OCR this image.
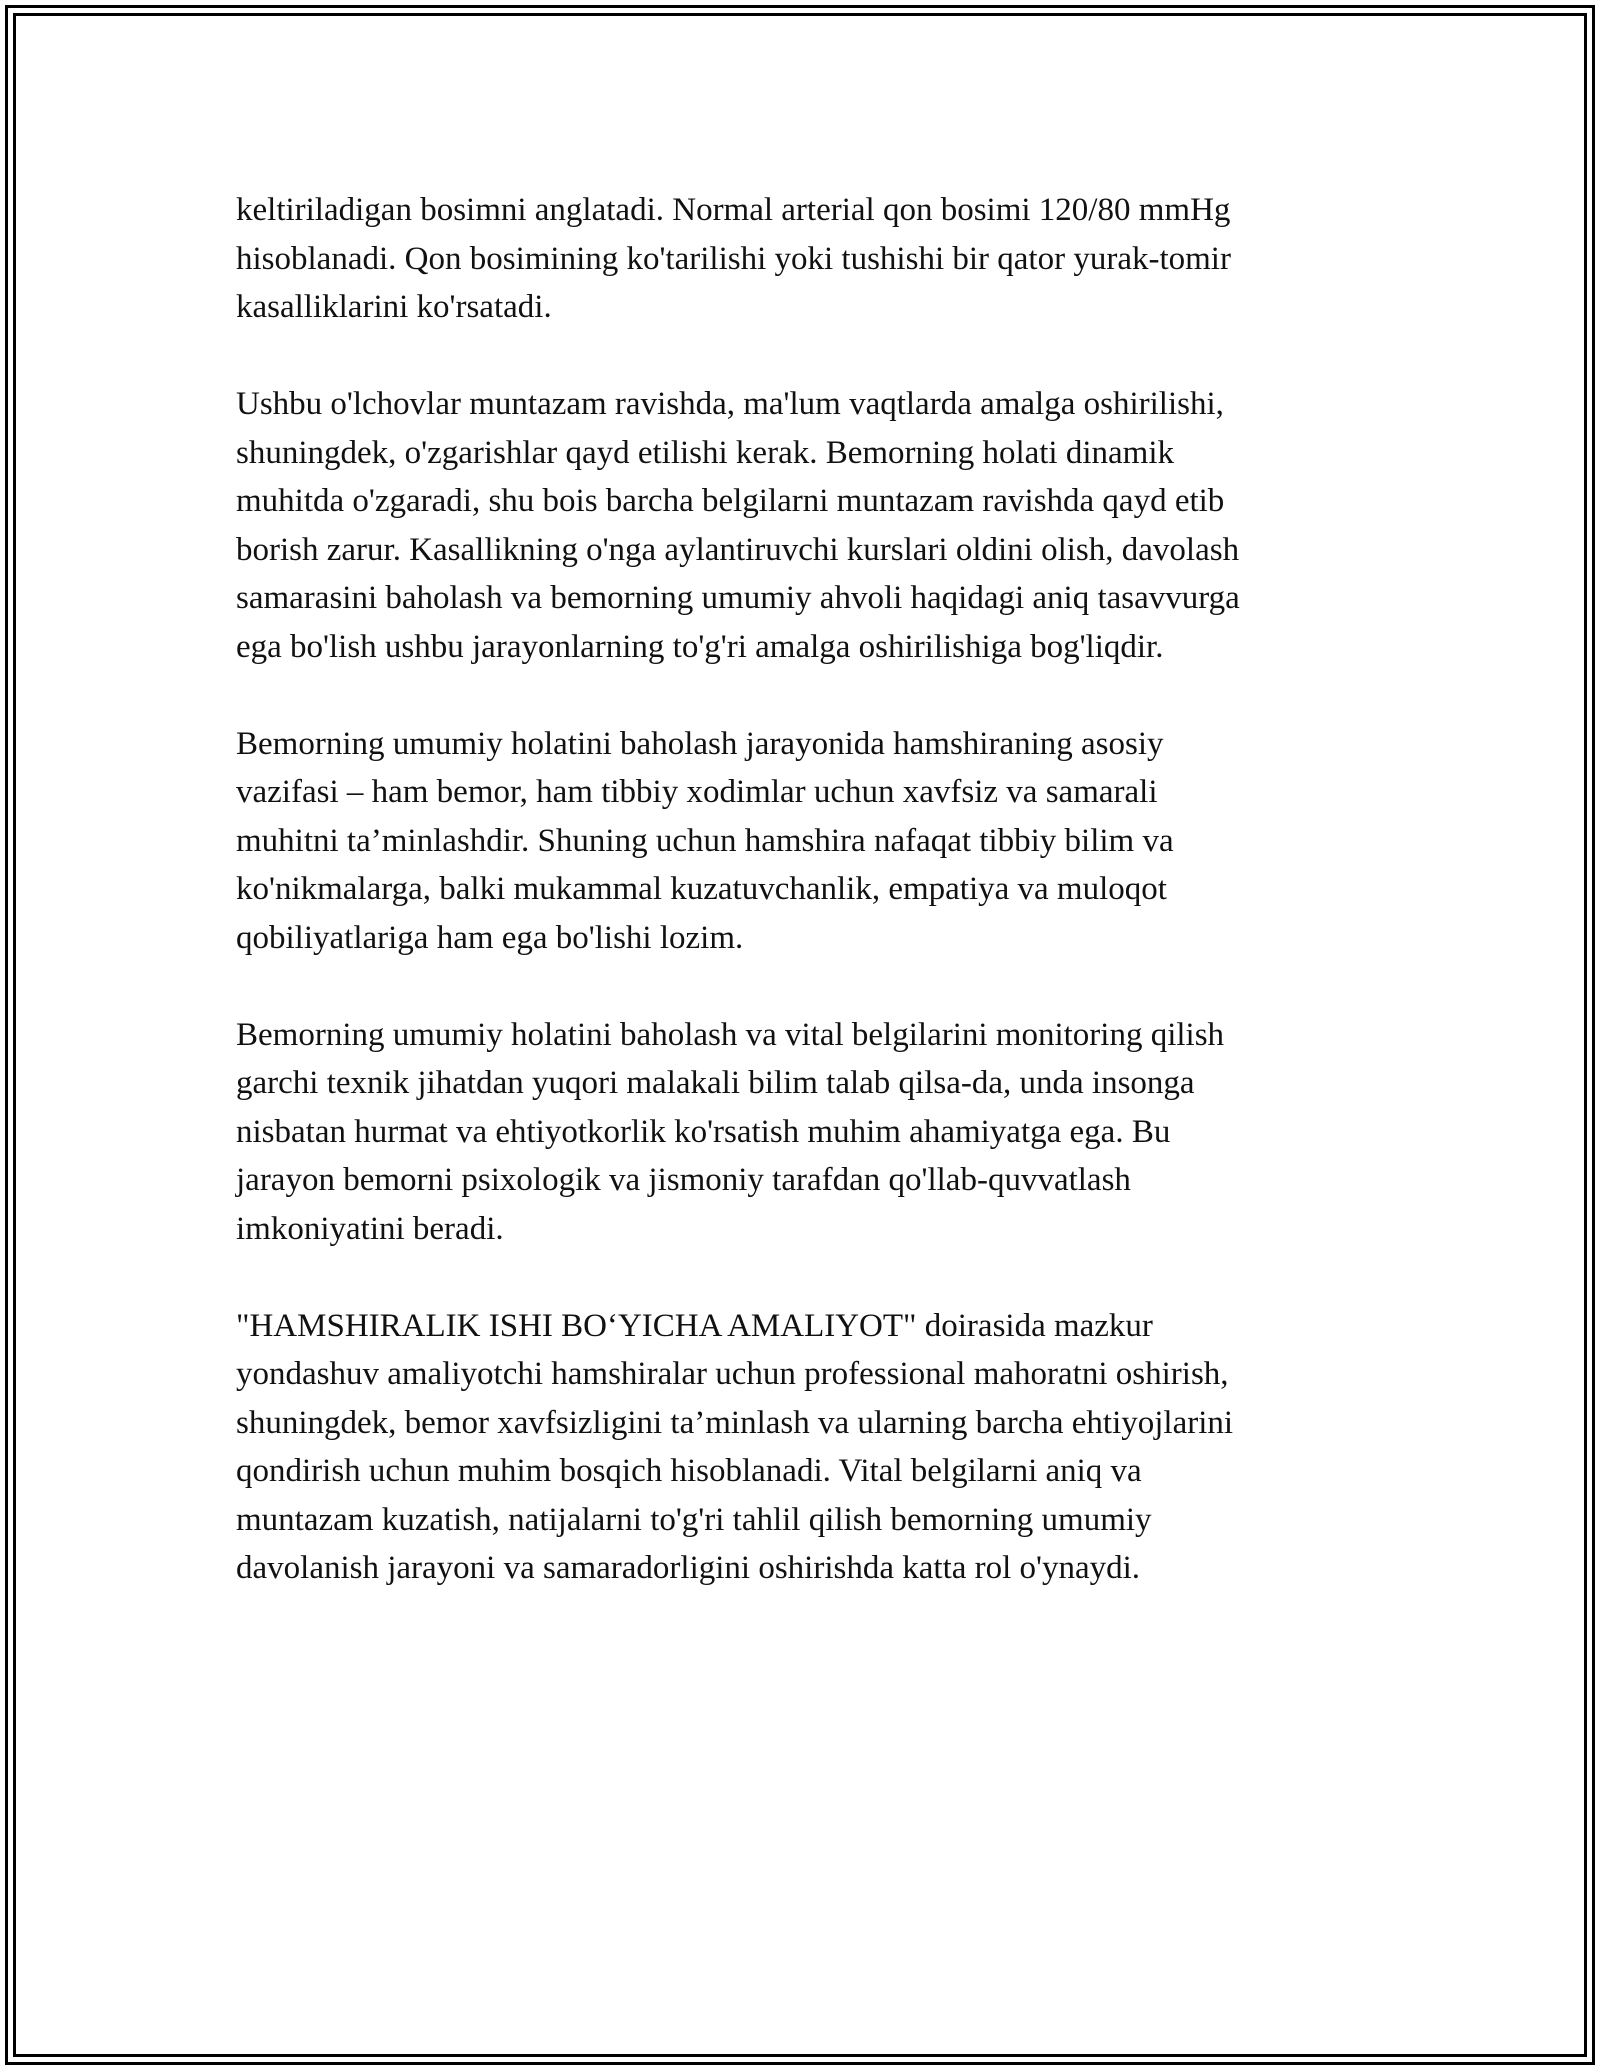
keltiriladigan bosimni anglatadi. Normal arterial qon bosimi 120/80 mmHg
hisoblanadi. Qon bosimining ko'tarilishi yoki tushishi bir qator yurak-tomir
kasalliklarini ko'rsatadi.

Ushbu o'lchovlar muntazam ravishda, ma'lum vaqtlarda amalga oshirilishi,
shuningdek, o'zgarishlar qayd etilishi kerak. Bemorning holati dinamik
muhitda o'zgaradi, shu bois barcha belgilarni muntazam ravishda qayd etib
borish zarur. Kasallikning o'nga aylantiruvchi kurslari oldini olish, davolash
samarasini baholash va bemorning umumiy ahvoli haqidagi aniq tasavvurga
ega bo'lish ushbu jarayonlarning to'g'ri amalga oshirilishiga bog'liqdir.

Bemorning umumiy holatini baholash jarayonida hamshiraning asosiy
vazifasi – ham bemor, ham tibbiy xodimlar uchun xavfsiz va samarali
muhitni ta’minlashdir. Shuning uchun hamshira nafaqat tibbiy bilim va
ko'nikmalarga, balki mukammal kuzatuvchanlik, empatiya va muloqot
qobiliyatlariga ham ega bo'lishi lozim.

Bemorning umumiy holatini baholash va vital belgilarini monitoring qilish
garchi texnik jihatdan yuqori malakali bilim talab qilsa-da, unda insonga
nisbatan hurmat va ehtiyotkorlik ko'rsatish muhim ahamiyatga ega. Bu
jarayon bemorni psixologik va jismoniy tarafdan qo'llab-quvvatlash
imkoniyatini beradi.

"HAMSHIRALIK ISHI BO‘YICHA AMALIYOT" doirasida mazkur
yondashuv amaliyotchi hamshiralar uchun professional mahoratni oshirish,
shuningdek, bemor xavfsizligini ta’minlash va ularning barcha ehtiyojlarini
qondirish uchun muhim bosqich hisoblanadi. Vital belgilarni aniq va
muntazam kuzatish, natijalarni to'g'ri tahlil qilish bemorning umumiy
davolanish jarayoni va samaradorligini oshirishda katta rol o'ynaydi.
